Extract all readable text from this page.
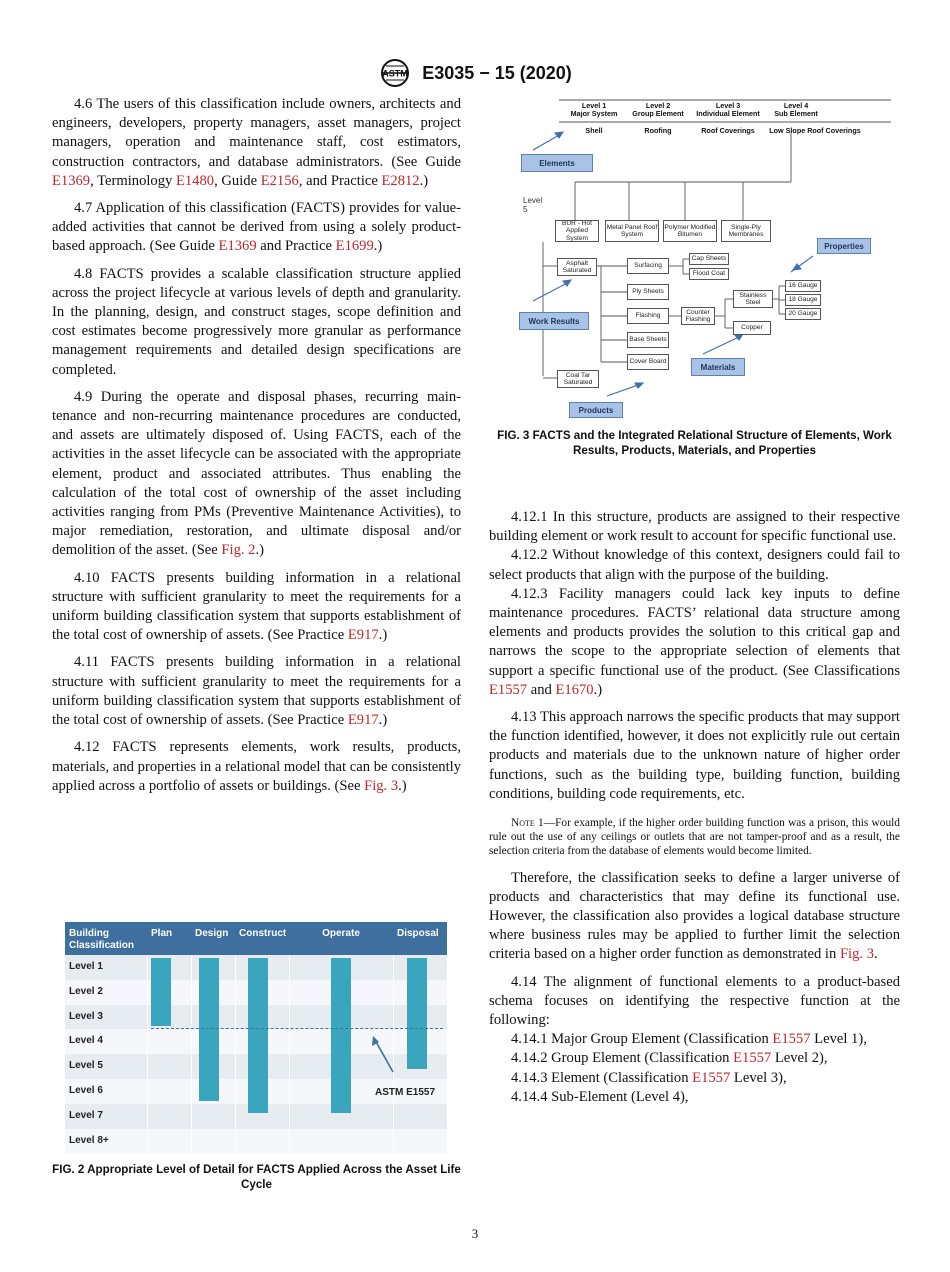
ASTM E3035 − 15 (2020)

4.6 The users of this classification include owners, architects and engineers, developers, property managers, asset managers, project managers, operation and maintenance staff, cost estimators, construction contractors, and database administrators. (See Guide E1369, Terminology E1480, Guide E2156, and Practice E2812.)

4.7 Application of this classification (FACTS) provides for value-added activities that cannot be derived from using a solely product-based approach. (See Guide E1369 and Practice E1699.)

4.8 FACTS provides a scalable classification structure applied across the project lifecycle at various levels of depth and granularity. In the planning, design, and construct stages, scope definition and cost estimates become progressively more granular as performance management requirements and detailed design specifications are completed.

4.9 During the operate and disposal phases, recurring maintenance and non-recurring maintenance procedures are conducted, and assets are ultimately disposed of. Using FACTS, each of the activities in the asset lifecycle can be associated with the appropriate element, product and associated attributes. Thus enabling the calculation of the total cost of ownership of the asset including activities ranging from PMs (Preventive Maintenance Activities), to major remediation, restoration, and ultimate disposal and/or demolition of the asset. (See Fig. 2.)

4.10 FACTS presents building information in a relational structure with sufficient granularity to meet the requirements for a uniform building classification system that supports establishment of the total cost of ownership of assets. (See Practice E917.)

4.11 FACTS presents building information in a relational structure with sufficient granularity to meet the requirements for a uniform building classification system that supports establishment of the total cost of ownership of assets. (See Practice E917.)

4.12 FACTS represents elements, work results, products, materials, and properties in a relational model that can be consistently applied across a portfolio of assets or buildings. (See Fig. 3.)

Level 1
Level 2
Level 3
Level 4
Level 5
Level 6
Level 7
Level 8+
Building Classification
Plan	Design	Construct	Operate	Disposal
ASTM E1557
FIG. 2 Appropriate Level of Detail for FACTS Applied Across the Asset Life Cycle
Level 1
Major System
Level 2
Group Element
Level 3
Individual Element
Level 4
Sub Element
Shell	Roofing	Roof Coverings	Low Slope Roof Coverings
Elements
Level 5
BUR - Hot Applied System
Metal Panel Roof System
Polymer Modified Bitumen
Single-Ply Membranes
Properties
Asphalt Saturated
Surfacing
Cap Sheets
Flood Coat
Ply Sheets	Stainless Steel
16 Gauge
18 Gauge
20 Gauge
Work Results
Flashing
Counter Flashing
Copper
Base Sheets
Cover Board
Materials
Coal Tar Saturated
Products
FIG. 3 FACTS and the Integrated Relational Structure of Elements, Work Results, Products, Materials, and Properties

4.12.1 In this structure, products are assigned to their respective building element or work result to account for specific functional use.

4.12.2 Without knowledge of this context, designers could fail to select products that align with the purpose of the building.

4.12.3 Facility managers could lack key inputs to define maintenance procedures. FACTS’ relational data structure among elements and products provides the solution to this critical gap and narrows the scope to the appropriate selection of elements that support a specific functional use of the product. (See Classifications E1557 and E1670.)

4.13 This approach narrows the specific products that may support the function identified, however, it does not explicitly rule out certain products and materials due to the unknown nature of higher order functions, such as the building type, building function, building conditions, building code requirements, etc.

Note 1—For example, if the higher order building function was a prison, this would rule out the use of any ceilings or outlets that are not tamper-proof and as a result, the selection criteria from the database of elements would become limited.

Therefore, the classification seeks to define a larger universe of products and characteristics that may define its functional use. However, the classification also provides a logical database structure where business rules may be applied to further limit the selection criteria based on a higher order function as demonstrated in Fig. 3.

4.14 The alignment of functional elements to a product-based schema focuses on identifying the respective function at the following:

4.14.1 Major Group Element (Classification E1557 Level 1),

4.14.2 Group Element (Classification E1557 Level 2),

4.14.3 Element (Classification E1557 Level 3),

4.14.4 Sub-Element (Level 4),

3
